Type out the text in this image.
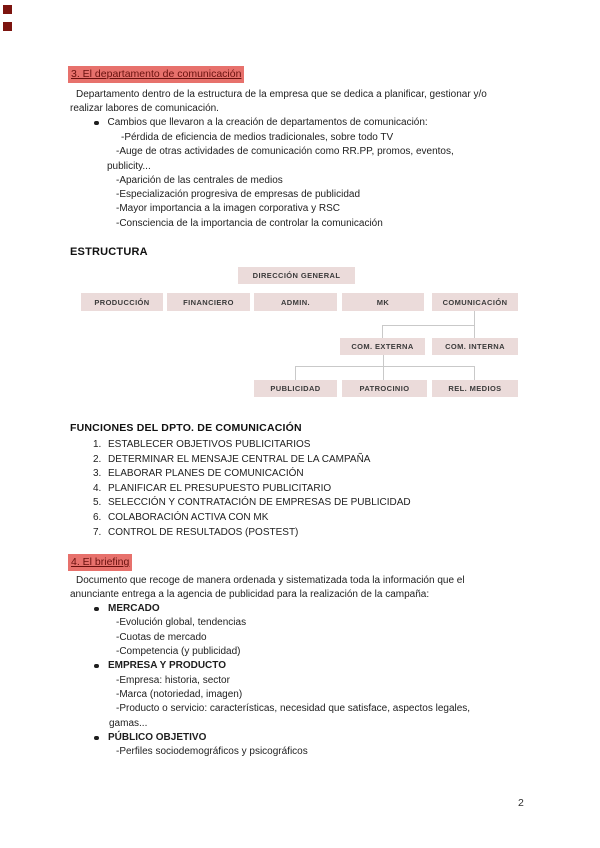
3. El departamento de comunicación
Departamento dentro de la estructura de la empresa que se dedica a planificar, gestionar y/o realizar labores de comunicación.
Cambios que llevaron a la creación de departamentos de comunicación:
-Pérdida de eficiencia de medios tradicionales, sobre todo TV
-Auge de otras actividades de comunicación como RR.PP, promos, eventos,
publicity...
-Aparición de las centrales de medios
-Especialización progresiva de empresas de publicidad
-Mayor importancia a la imagen corporativa y RSC
-Consciencia de la importancia de controlar la comunicación
ESTRUCTURA
DIRECCIÓN GENERAL
PRODUCCIÓN	FINANCIERO	ADMIN.	MK	COMUNICACIÓN
COM. EXTERNA	COM. INTERNA
PUBLICIDAD	PATROCINIO	REL. MEDIOS
FUNCIONES DEL DPTO. DE COMUNICACIÓN
1. ESTABLECER OBJETIVOS PUBLICITARIOS
2. DETERMINAR EL MENSAJE CENTRAL DE LA CAMPAÑA
3. ELABORAR PLANES DE COMUNICACIÓN
4. PLANIFICAR EL PRESUPUESTO PUBLICITARIO
5. SELECCIÓN Y CONTRATACIÓN DE EMPRESAS DE PUBLICIDAD
6. COLABORACIÓN ACTIVA CON MK
7. CONTROL DE RESULTADOS (POSTEST)
4. El briefing
Documento que recoge de manera ordenada y sistematizada toda la información que el anunciante entrega a la agencia de publicidad para la realización de la campaña:
MERCADO
-Evolución global, tendencias
-Cuotas de mercado
-Competencia (y publicidad)
EMPRESA Y PRODUCTO
-Empresa: historia, sector
-Marca (notoriedad, imagen)
-Producto o servicio: características, necesidad que satisface, aspectos legales,
gamas...
PÚBLICO OBJETIVO
-Perfiles sociodemográficos y psicográficos
2
